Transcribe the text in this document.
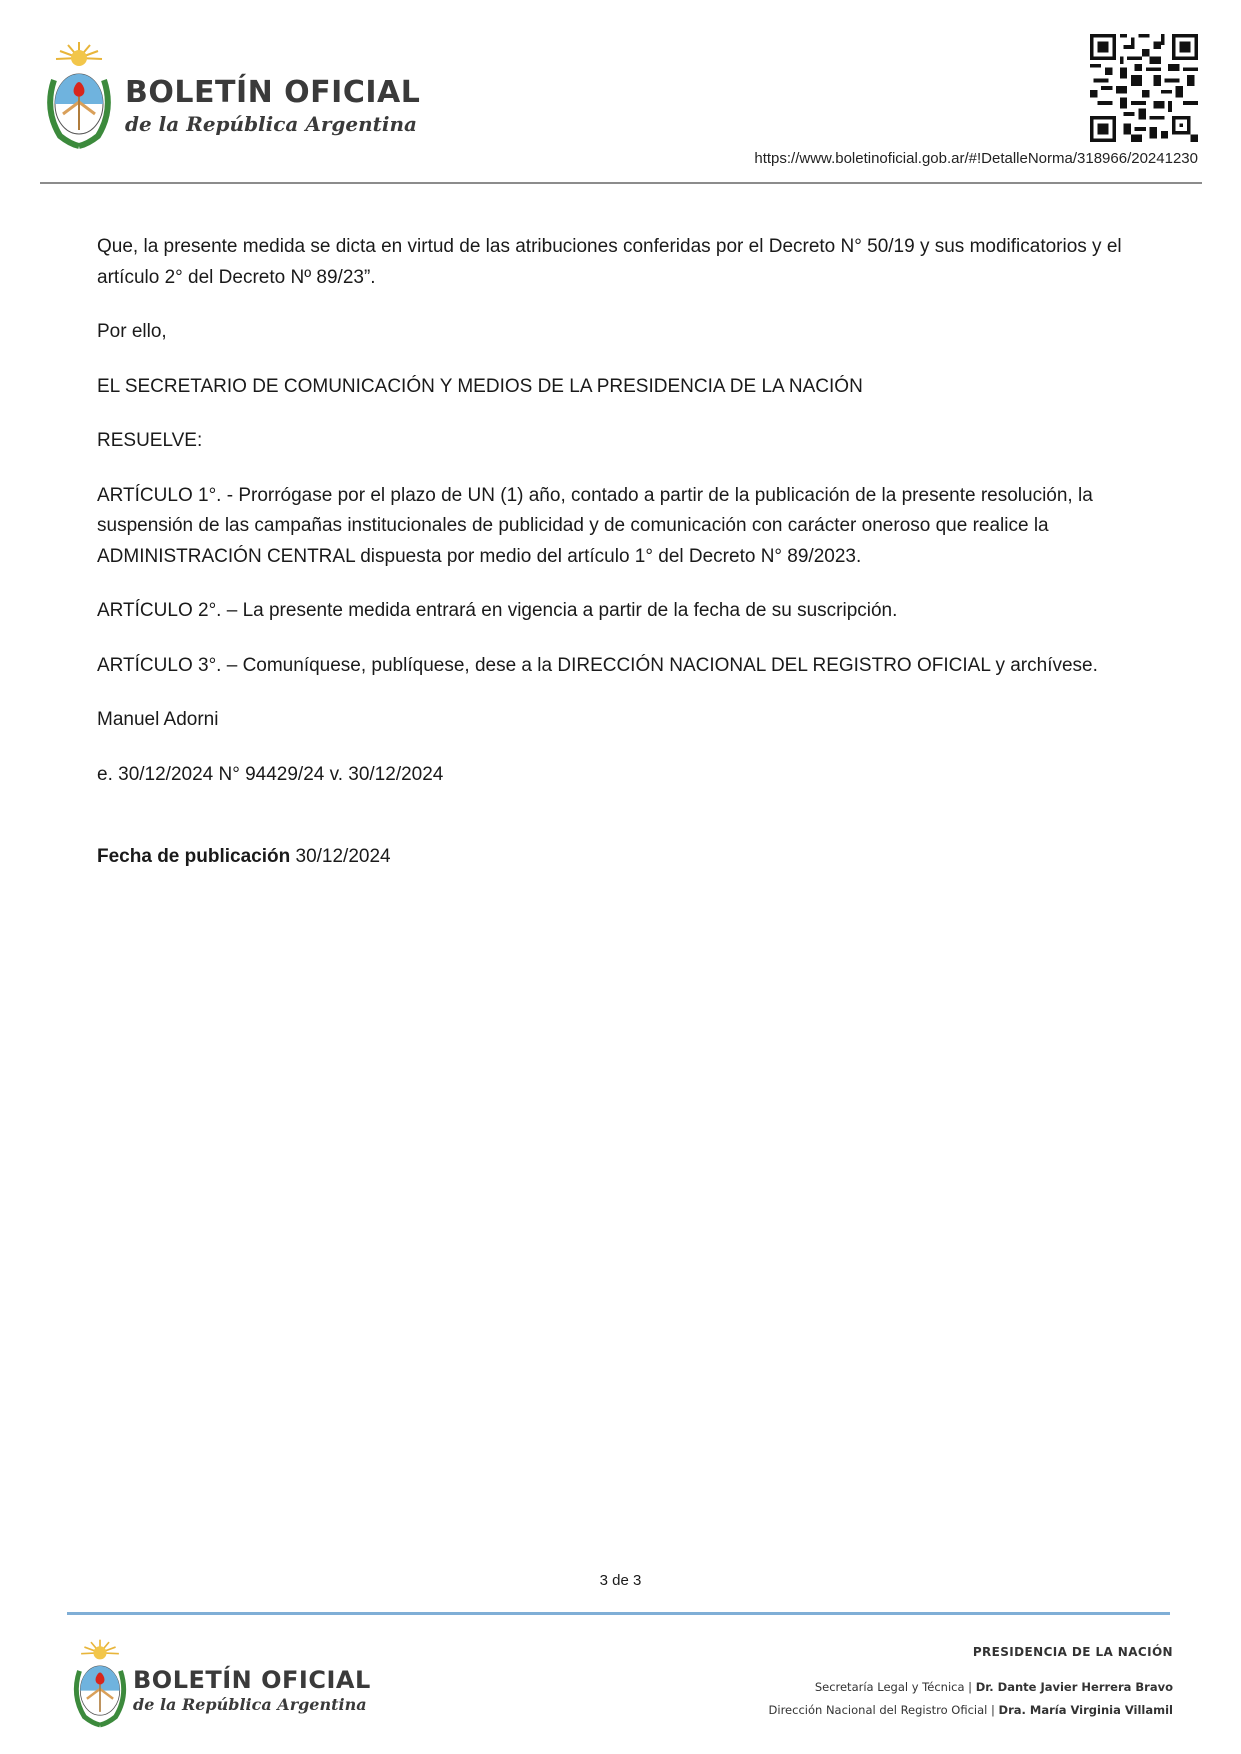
BOLETÍN OFICIAL
de la República Argentina
https://www.boletinoficial.gob.ar/#!DetalleNorma/318966/20241230

Que, la presente medida se dicta en virtud de las atribuciones conferidas por el Decreto N° 50/19 y sus modificatorios y el artículo 2° del Decreto Nº 89/23”.

Por ello,

EL SECRETARIO DE COMUNICACIÓN Y MEDIOS DE LA PRESIDENCIA DE LA NACIÓN

RESUELVE:

ARTÍCULO 1°. - Prorrógase por el plazo de UN (1) año, contado a partir de la publicación de la presente resolución, la suspensión de las campañas institucionales de publicidad y de comunicación con carácter oneroso que realice la ADMINISTRACIÓN CENTRAL dispuesta por medio del artículo 1° del Decreto N° 89/2023.

ARTÍCULO 2°. – La presente medida entrará en vigencia a partir de la fecha de su suscripción.

ARTÍCULO 3°. – Comuníquese, publíquese, dese a la DIRECCIÓN NACIONAL DEL REGISTRO OFICIAL y archívese.

Manuel Adorni

e. 30/12/2024 N° 94429/24 v. 30/12/2024

Fecha de publicación 30/12/2024

3 de 3
BOLETÍN OFICIAL
de la República Argentina
PRESIDENCIA DE LA NACIÓN
Secretaría Legal y Técnica | Dr. Dante Javier Herrera Bravo
Dirección Nacional del Registro Oficial | Dra. María Virginia Villamil
